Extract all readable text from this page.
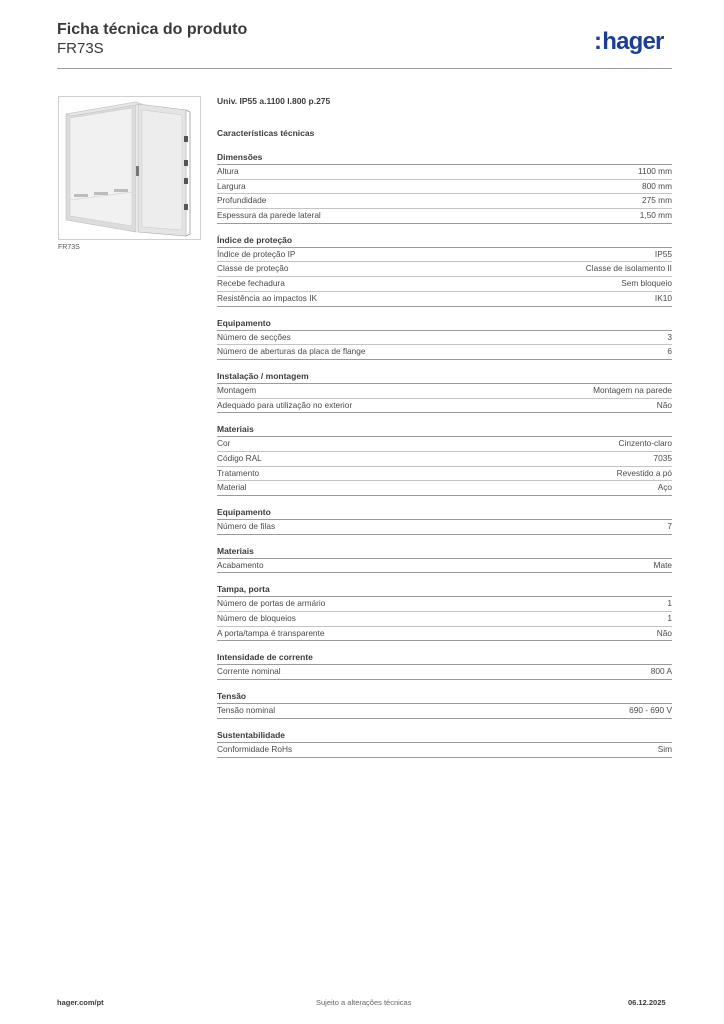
Ficha técnica do produto
FR73S	:hager
FR73S
Univ. IP55 a.1100 l.800 p.275
Características técnicas
Dimensões
Altura	1100 mm
Largura	800 mm
Profundidade	275 mm
Espessura da parede lateral	1,50 mm
Índice de proteção
Índice de proteção IP	IP55
Classe de proteção	Classe de isolamento II
Recebe fechadura	Sem bloqueio
Resistência ao impactos IK	IK10
Equipamento
Número de secções	3
Número de aberturas da placa de flange	6
Instalação / montagem
Montagem	Montagem na parede
Adequado para utilização no exterior	Não
Materiais
Cor	Cinzento-claro
Código RAL	7035
Tratamento	Revestido a pó
Material	Aço
Equipamento
Número de filas	7
Materiais
Acabamento	Mate
Tampa, porta
Número de portas de armário	1
Número de bloqueios	1
A porta/tampa é transparente	Não
Intensidade de corrente
Corrente nominal	800 A
Tensão
Tensão nominal	690 - 690 V
Sustentabilidade
Conformidade RoHs	Sim
hager.com/pt	Sujeito a alterações técnicas	06.12.2025
